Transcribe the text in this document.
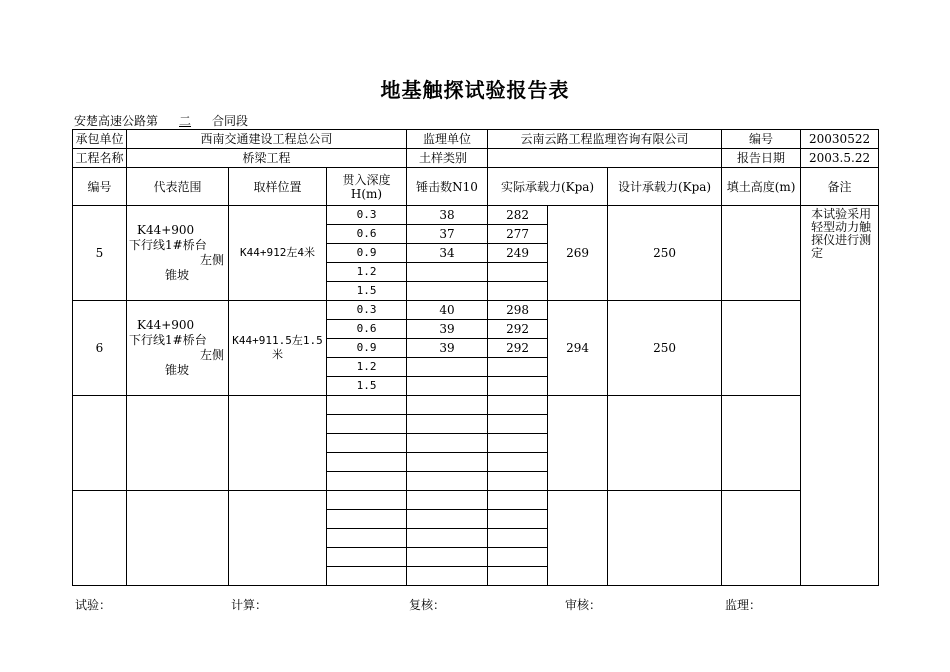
地基触探试验报告表
安楚高速公路第 二 合同段
承包单位	西南交通建设工程总公司			监理单位	云南云路工程监理咨询有限公司			编号	20030522
工程名称	桥梁工程			土样类别				报告日期	2003.5.22
编号	代表范围	取样位置	贯入深度
H(m)	锤击数N10	实际承载力(Kpa)		设计承载力(Kpa)	填土高度(m)	备注
5	K44+900
下行线1#桥台
左侧
锥坡	K44+912左4米	0.3	38	282	269	250		本试验采用轻型动力触探仪进行测定
			0.6	37	277				
			0.9	34	249				
			1.2						
			1.5						
6	K44+900
下行线1#桥台
左侧
锥坡	K44+911.5左1.5米	0.3	40	298	294	250		
			0.6	39	292				
			0.9	39	292				
			1.2						
			1.5						

试验：	计算：	复核：	审核：	监理：
